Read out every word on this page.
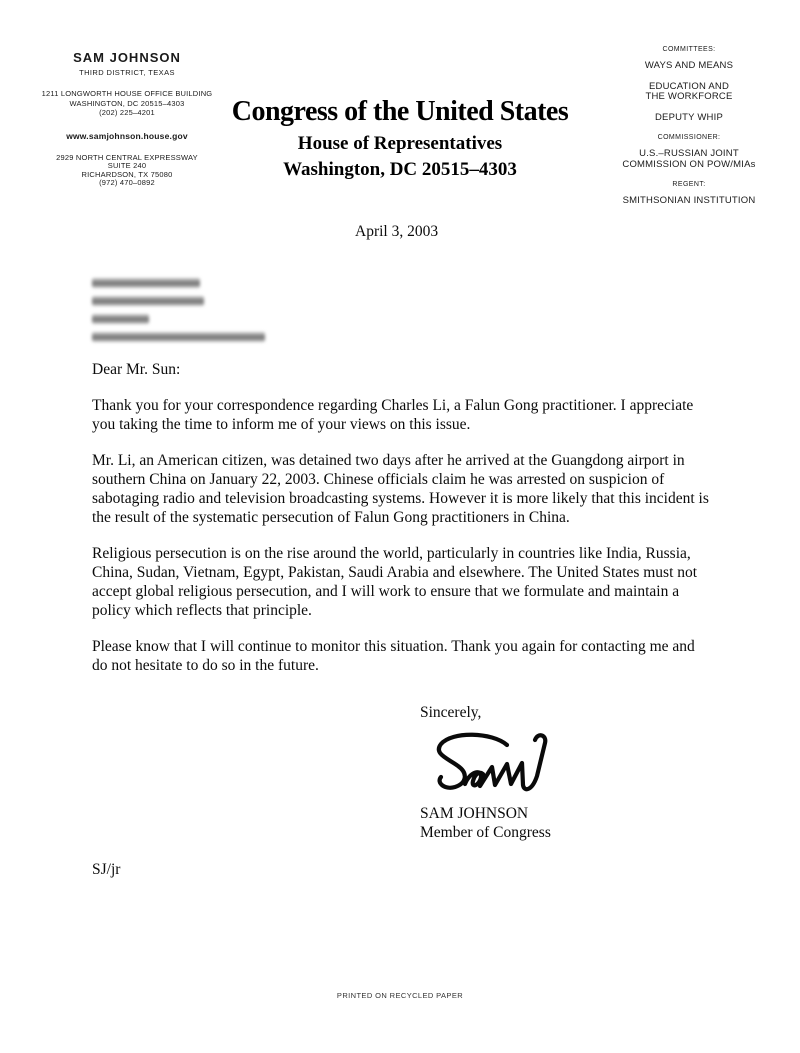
SAM JOHNSON
THIRD DISTRICT, TEXAS
1211 LONGWORTH HOUSE OFFICE BUILDING
WASHINGTON, DC 20515–4303
(202) 225–4201
www.samjohnson.house.gov
2929 NORTH CENTRAL EXPRESSWAY
SUITE 240
RICHARDSON, TX 75080
(972) 470–0892
Congress of the United States
House of Representatives
Washington, DC 20515–4303
COMMITTEES:
WAYS AND MEANS
EDUCATION AND
THE WORKFORCE
DEPUTY WHIP
COMMISSIONER:
U.S.–RUSSIAN JOINT
COMMISSION ON POW/MIAs
REGENT:
SMITHSONIAN INSTITUTION
April 3, 2003
Dear Mr. Sun:

Thank you for your correspondence regarding Charles Li, a Falun Gong practitioner. I appreciate you taking the time to inform me of your views on this issue.

Mr. Li, an American citizen, was detained two days after he arrived at the Guangdong airport in southern China on January 22, 2003. Chinese officials claim he was arrested on suspicion of sabotaging radio and television broadcasting systems. However it is more likely that this incident is the result of the systematic persecution of Falun Gong practitioners in China.

Religious persecution is on the rise around the world, particularly in countries like India, Russia, China, Sudan, Vietnam, Egypt, Pakistan, Saudi Arabia and elsewhere. The United States must not accept global religious persecution, and I will work to ensure that we formulate and maintain a policy which reflects that principle.

Please know that I will continue to monitor this situation. Thank you again for contacting me and do not hesitate to do so in the future.

Sincerely,
SAM JOHNSON
Member of Congress
SJ/jr
PRINTED ON RECYCLED PAPER
